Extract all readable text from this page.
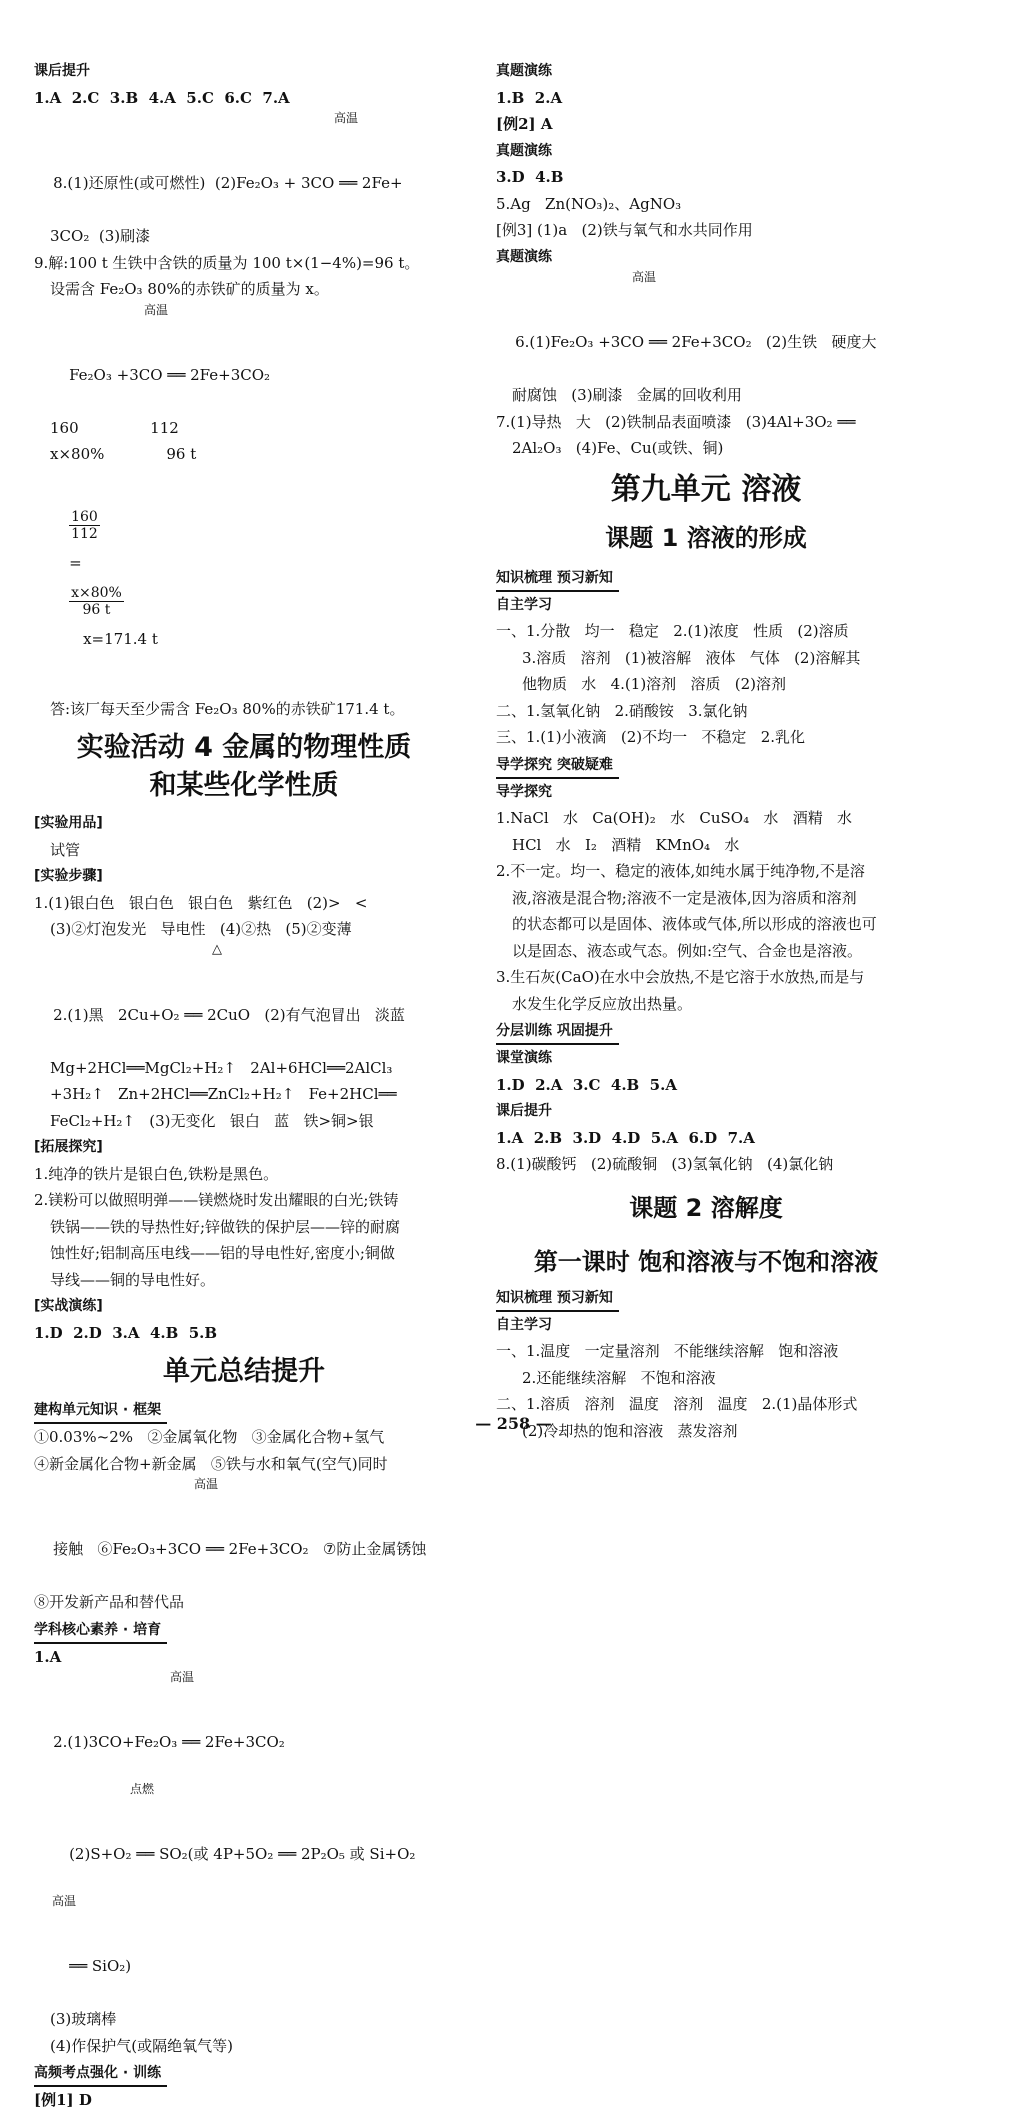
课后提升
1.A  2.C  3.B  4.A  5.C  6.C  7.A

高温

8.(1)还原性(或可燃性)  (2)Fe₂O₃ + 3CO ══ 2Fe+

3CO₂  (3)刷漆
9.解:100 t 生铁中含铁的质量为 100 t×(1−4%)=96 t。
设需含 Fe₂O₃ 80%的赤铁矿的质量为 x。

高温

Fe₂O₃ +3CO ══ 2Fe+3CO₂

160               112
x×80%             96 t

$\frac{160}{112}$

=

$\frac{x\times 80\%}{96 t}$

x=171.4 t

答:该厂每天至少需含 Fe₂O₃ 80%的赤铁矿171.4 t。
实验活动 4 金属的物理性质
和某些化学性质
[实验用品]
试管
[实验步骤]
1.(1)银白色   银白色   银白色   紫红色   (2)>   <
(3)②灯泡发光   导电性   (4)②热   (5)②变薄

△

2.(1)黑   2Cu+O₂ ══ 2CuO   (2)有气泡冒出   淡蓝

Mg+2HCl══MgCl₂+H₂↑   2Al+6HCl══2AlCl₃
+3H₂↑   Zn+2HCl══ZnCl₂+H₂↑   Fe+2HCl══
FeCl₂+H₂↑   (3)无变化   银白   蓝   铁>铜>银
[拓展探究]
1.纯净的铁片是银白色,铁粉是黑色。
2.镁粉可以做照明弹——镁燃烧时发出耀眼的白光;铁铸
铁锅——铁的导热性好;锌做铁的保护层——锌的耐腐
蚀性好;铝制高压电线——铝的导电性好,密度小;铜做
导线——铜的导电性好。
[实战演练]
1.D  2.D  3.A  4.B  5.B
单元总结提升
建构单元知识 · 框架
①0.03%~2%   ②金属氧化物   ③金属化合物+氢气
④新金属化合物+新金属   ⑤铁与水和氧气(空气)同时

高温

接触   ⑥Fe₂O₃+3CO ══ 2Fe+3CO₂   ⑦防止金属锈蚀

⑧开发新产品和替代品
学科核心素养 · 培育
1.A

高温

2.(1)3CO+Fe₂O₃ ══ 2Fe+3CO₂

点燃

(2)S+O₂ ══ SO₂(或 4P+5O₂ ══ 2P₂O₅ 或 Si+O₂

高温

══ SiO₂)

(3)玻璃棒
(4)作保护气(或隔绝氧气等)
高频考点强化 · 训练
[例1] D
真题演练
1.B  2.A
[例2] A
真题演练
3.D  4.B
5.Ag   Zn(NO₃)₂、AgNO₃
[例3] (1)a   (2)铁与氧气和水共同作用
真题演练

高温

6.(1)Fe₂O₃ +3CO ══ 2Fe+3CO₂   (2)生铁   硬度大

耐腐蚀   (3)刷漆   金属的回收利用
7.(1)导热   大   (2)铁制品表面喷漆   (3)4Al+3O₂ ══
2Al₂O₃   (4)Fe、Cu(或铁、铜)
第九单元 溶液
课题 1 溶液的形成
知识梳理 预习新知
自主学习
一、1.分散   均一   稳定   2.(1)浓度   性质   (2)溶质
3.溶质   溶剂   (1)被溶解   液体   气体   (2)溶解其
他物质   水   4.(1)溶剂   溶质   (2)溶剂
二、1.氢氧化钠   2.硝酸铵   3.氯化钠
三、1.(1)小液滴   (2)不均一   不稳定   2.乳化
导学探究 突破疑难
导学探究
1.NaCl   水   Ca(OH)₂   水   CuSO₄   水   酒精   水
HCl   水   I₂   酒精   KMnO₄   水
2.不一定。均一、稳定的液体,如纯水属于纯净物,不是溶
液,溶液是混合物;溶液不一定是液体,因为溶质和溶剂
的状态都可以是固体、液体或气体,所以形成的溶液也可
以是固态、液态或气态。例如:空气、合金也是溶液。
3.生石灰(CaO)在水中会放热,不是它溶于水放热,而是与
水发生化学反应放出热量。
分层训练 巩固提升
课堂演练
1.D  2.A  3.C  4.B  5.A
课后提升
1.A  2.B  3.D  4.D  5.A  6.D  7.A
8.(1)碳酸钙   (2)硫酸铜   (3)氢氧化钠   (4)氯化钠
课题 2 溶解度
第一课时 饱和溶液与不饱和溶液
知识梳理 预习新知
自主学习
一、1.温度   一定量溶剂   不能继续溶解   饱和溶液
2.还能继续溶解   不饱和溶液
二、1.溶质   溶剂   温度   溶剂   温度   2.(1)晶体形式
(2)冷却热的饱和溶液   蒸发溶剂
— 258 —
